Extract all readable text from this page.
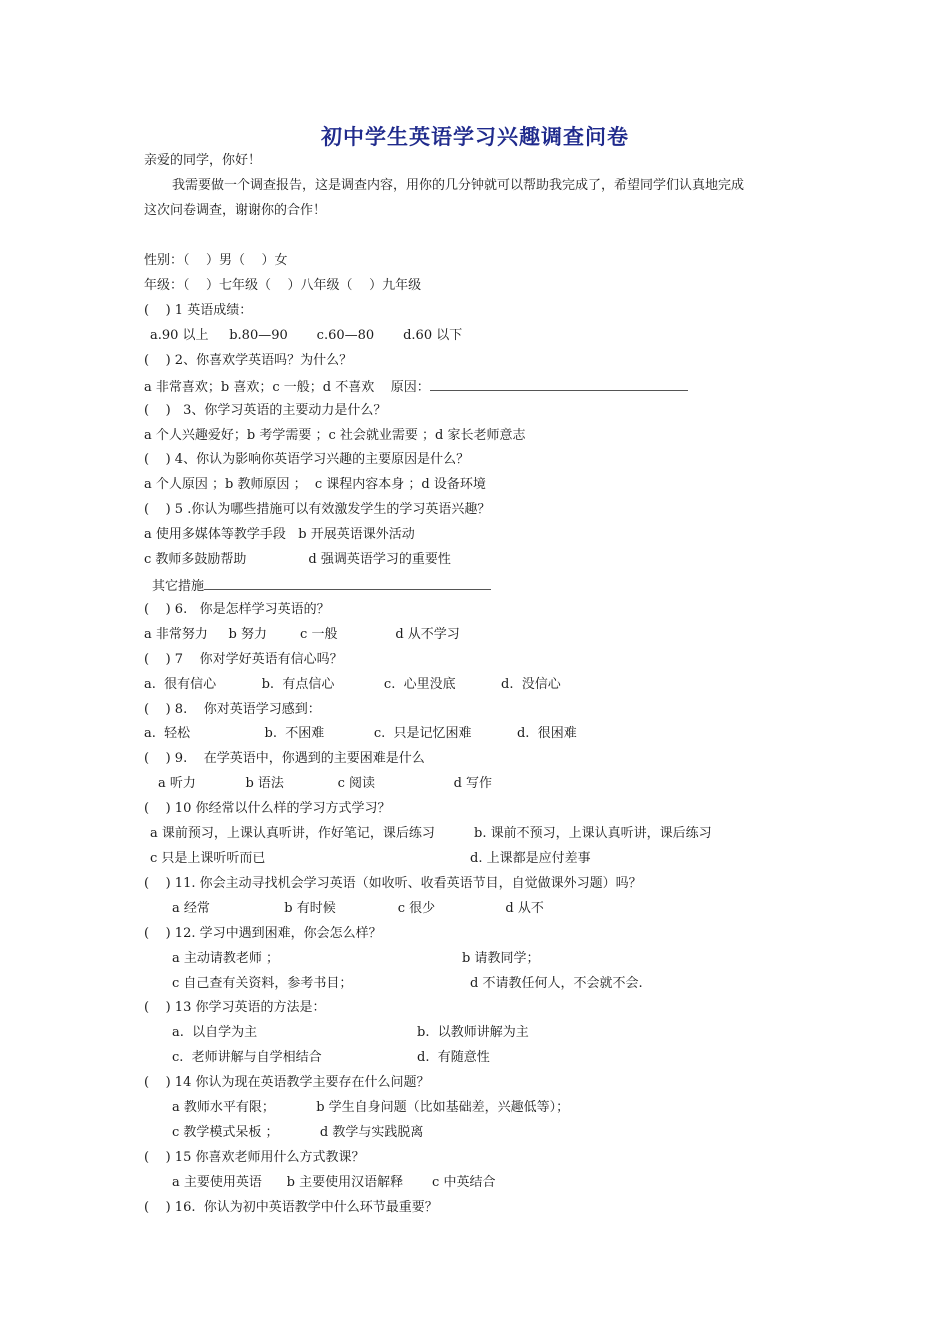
初中学生英语学习兴趣调查问卷
亲爱的同学，你好！
我需要做一个调查报告，这是调查内容，用你的几分钟就可以帮助我完成了，希望同学们认真地完成
这次问卷调查，谢谢你的合作！
性别：（    ）男（    ）女
年级：（    ）七年级（    ）八年级（    ）九年级
(    ) 1 英语成绩：
a.90 以上     b.80—90       c.60—80       d.60 以下
(    ) 2、你喜欢学英语吗？为什么？
a 非常喜欢；b 喜欢；c 一般；d 不喜欢    原因：
(    )   3、你学习英语的主要动力是什么？
a 个人兴趣爱好；b 考学需要 ；c 社会就业需要 ；d 家长老师意志
(    ) 4、你认为影响你英语学习兴趣的主要原因是什么？
a 个人原因 ；b 教师原因 ；  c 课程内容本身 ；d 设备环境
(    ) 5 .你认为哪些措施可以有效激发学生的学习英语兴趣？
a 使用多媒体等教学手段   b 开展英语课外活动
c 教师多鼓励帮助               d 强调英语学习的重要性
其它措施
(    ) 6.   你是怎样学习英语的？
a 非常努力     b 努力        c 一般              d 从不学习
(    ) 7    你对学好英语有信心吗？
a.  很有信心           b.  有点信心            c.  心里没底           d.  没信心
(    ) 8.    你对英语学习感到：
a.  轻松                  b.  不困难            c.  只是记忆困难           d.  很困难
(    ) 9.    在学英语中，你遇到的主要困难是什么
a 听力            b 语法             c 阅读                   d 写作
(    ) 10 你经常以什么样的学习方式学习？
a 课前预习，上课认真听讲，作好笔记，课后练习	b. 课前不预习，上课认真听讲，课后练习
c 只是上课听听而已	d. 上课都是应付差事
(    ) 11. 你会主动寻找机会学习英语（如收听、收看英语节目，自觉做课外习题）吗？
a 经常                  b 有时候               c 很少                 d 从不
(    ) 12. 学习中遇到困难，你会怎么样？
a 主动请教老师 ；	b 请教同学；
c 自己查有关资料，参考书目；	d 不请教任何人，不会就不会.
(    ) 13 你学习英语的方法是：
a.  以自学为主	b.  以教师讲解为主
c.  老师讲解与自学相结合	d.  有随意性
(    ) 14 你认为现在英语教学主要存在什么问题？
a 教师水平有限；          b 学生自身问题（比如基础差，兴趣低等）；
c 教学模式呆板 ；          d 教学与实践脱离
(    ) 15 你喜欢老师用什么方式教课？
a 主要使用英语      b 主要使用汉语解释       c 中英结合
(    ) 16.  你认为初中英语教学中什么环节最重要？
